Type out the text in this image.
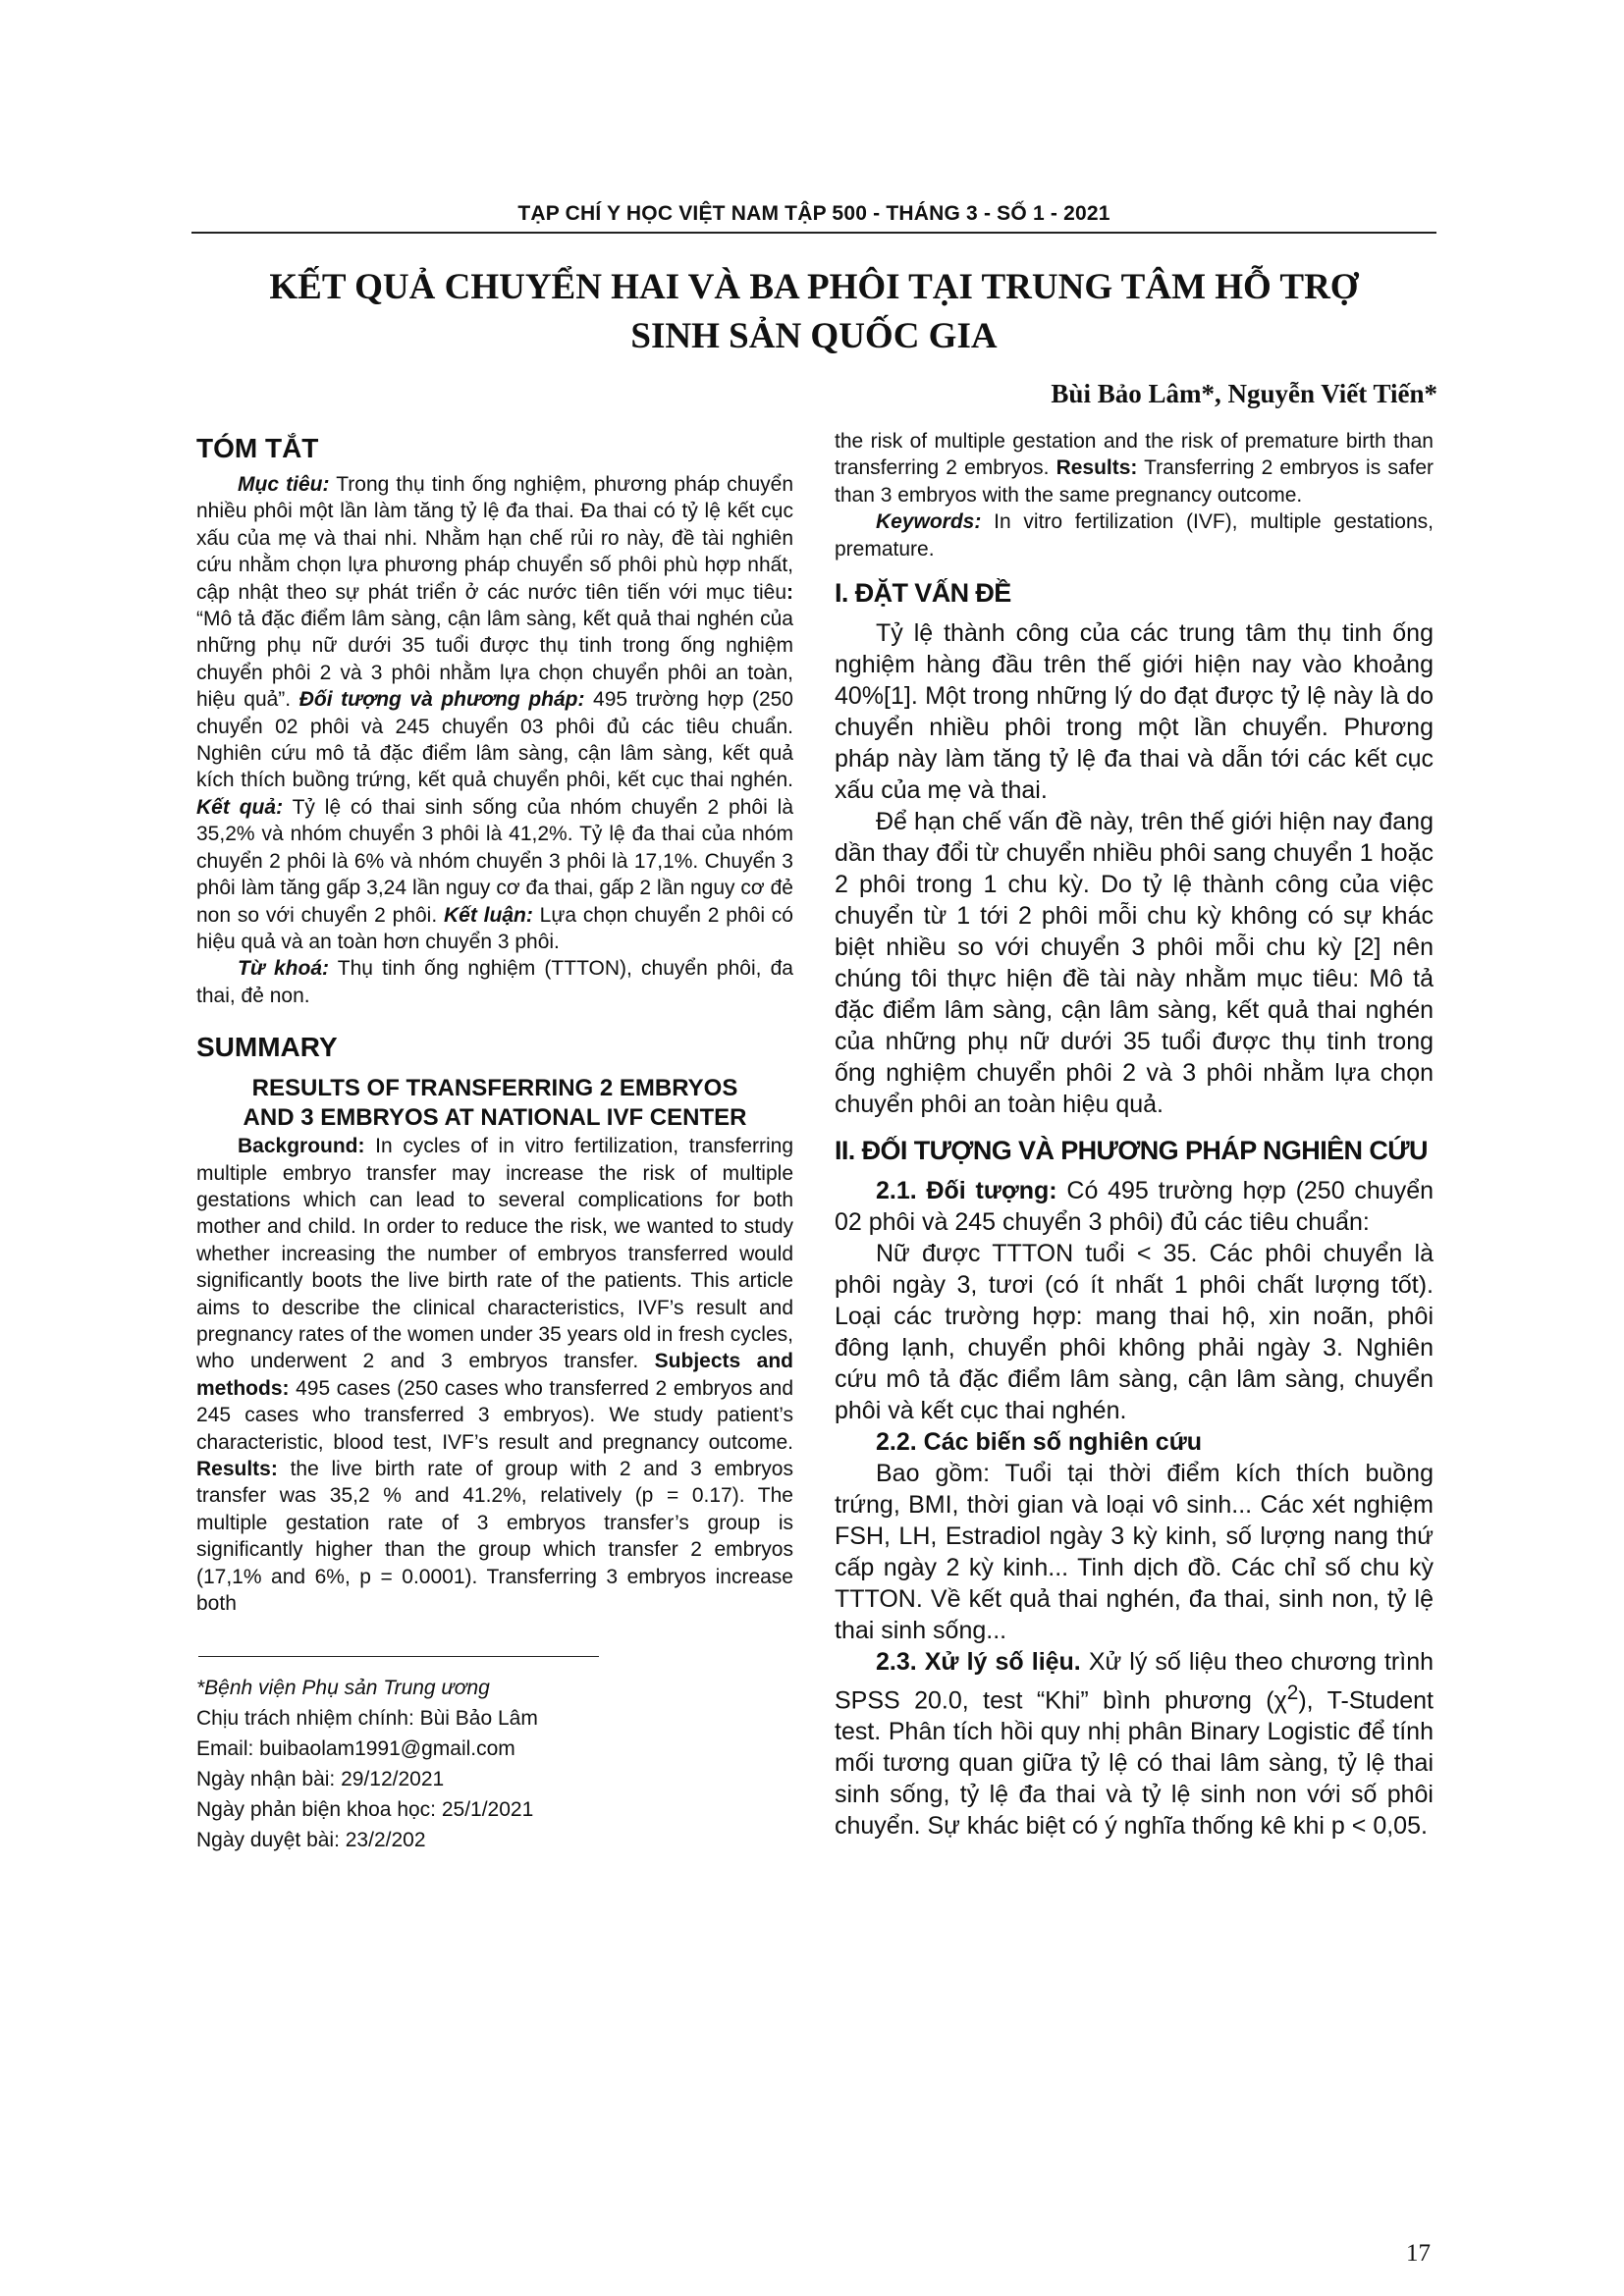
TẠP CHÍ Y HỌC VIỆT NAM TẬP 500 - THÁNG 3 - SỐ 1 - 2021
KẾT QUẢ CHUYỂN HAI VÀ BA PHÔI TẠI TRUNG TÂM HỖ TRỢ
SINH SẢN QUỐC GIA
Bùi Bảo Lâm*, Nguyễn Viết Tiến*
TÓM TẮT

Mục tiêu: Trong thụ tinh ống nghiệm, phương pháp chuyển nhiều phôi một lần làm tăng tỷ lệ đa thai. Đa thai có tỷ lệ kết cục xấu của mẹ và thai nhi. Nhằm hạn chế rủi ro này, đề tài nghiên cứu nhằm chọn lựa phương pháp chuyển số phôi phù hợp nhất, cập nhật theo sự phát triển ở các nước tiên tiến với mục tiêu: “Mô tả đặc điểm lâm sàng, cận lâm sàng, kết quả thai nghén của những phụ nữ dưới 35 tuổi được thụ tinh trong ống nghiệm chuyển phôi 2 và 3 phôi nhằm lựa chọn chuyển phôi an toàn, hiệu quả”. Đối tượng và phương pháp: 495 trường hợp (250 chuyển 02 phôi và 245 chuyển 03 phôi đủ các tiêu chuẩn. Nghiên cứu mô tả đặc điểm lâm sàng, cận lâm sàng, kết quả kích thích buồng trứng, kết quả chuyển phôi, kết cục thai nghén. Kết quả: Tỷ lệ có thai sinh sống của nhóm chuyển 2 phôi là 35,2% và nhóm chuyển 3 phôi là 41,2%. Tỷ lệ đa thai của nhóm chuyển 2 phôi là 6% và nhóm chuyển 3 phôi là 17,1%. Chuyển 3 phôi làm tăng gấp 3,24 lần nguy cơ đa thai, gấp 2 lần nguy cơ đẻ non so với chuyển 2 phôi. Kết luận: Lựa chọn chuyển 2 phôi có hiệu quả và an toàn hơn chuyển 3 phôi.

Từ khoá: Thụ tinh ống nghiệm (TTTON), chuyển phôi, đa thai, đẻ non.

SUMMARY
RESULTS OF TRANSFERRING 2 EMBRYOS
AND 3 EMBRYOS AT NATIONAL IVF CENTER

Background: In cycles of in vitro fertilization, transferring multiple embryo transfer may increase the risk of multiple gestations which can lead to several complications for both mother and child. In order to reduce the risk, we wanted to study whether increasing the number of embryos transferred would significantly boots the live birth rate of the patients. This article aims to describe the clinical characteristics, IVF’s result and pregnancy rates of the women under 35 years old in fresh cycles, who underwent 2 and 3 embryos transfer. Subjects and methods: 495 cases (250 cases who transferred 2 embryos and 245 cases who transferred 3 embryos). We study patient’s characteristic, blood test, IVF’s result and pregnancy outcome. Results: the live birth rate of group with 2 and 3 embryos transfer was 35,2 % and 41.2%, relatively (p = 0.17). The multiple gestation rate of 3 embryos transfer’s group is significantly higher than the group which transfer 2 embryos (17,1% and 6%, p = 0.0001). Transferring 3 embryos increase both

*Bệnh viện Phụ sản Trung ương
Chịu trách nhiệm chính: Bùi Bảo Lâm
Email: buibaolam1991@gmail.com
Ngày nhận bài: 29/12/2021
Ngày phản biện khoa học: 25/1/2021
Ngày duyệt bài: 23/2/202

the risk of multiple gestation and the risk of premature birth than transferring 2 embryos. Results: Transferring 2 embryos is safer than 3 embryos with the same pregnancy outcome.

Keywords: In vitro fertilization (IVF), multiple gestations, premature.

I. ĐẶT VẤN ĐỀ

Tỷ lệ thành công của các trung tâm thụ tinh ống nghiệm hàng đầu trên thế giới hiện nay vào khoảng 40%[1]. Một trong những lý do đạt được tỷ lệ này là do chuyển nhiều phôi trong một lần chuyển. Phương pháp này làm tăng tỷ lệ đa thai và dẫn tới các kết cục xấu của mẹ và thai.

Để hạn chế vấn đề này, trên thế giới hiện nay đang dần thay đổi từ chuyển nhiều phôi sang chuyển 1 hoặc 2 phôi trong 1 chu kỳ. Do tỷ lệ thành công của việc chuyển từ 1 tới 2 phôi mỗi chu kỳ không có sự khác biệt nhiều so với chuyển 3 phôi mỗi chu kỳ [2] nên chúng tôi thực hiện đề tài này nhằm mục tiêu: Mô tả đặc điểm lâm sàng, cận lâm sàng, kết quả thai nghén của những phụ nữ dưới 35 tuổi được thụ tinh trong ống nghiệm chuyển phôi 2 và 3 phôi nhằm lựa chọn chuyển phôi an toàn hiệu quả.

II. ĐỐI TƯỢNG VÀ PHƯƠNG PHÁP NGHIÊN CỨU

2.1. Đối tượng: Có 495 trường hợp (250 chuyển 02 phôi và 245 chuyển 3 phôi) đủ các tiêu chuẩn:

Nữ được TTTON tuổi < 35. Các phôi chuyển là phôi ngày 3, tươi (có ít nhất 1 phôi chất lượng tốt). Loại các trường hợp: mang thai hộ, xin noãn, phôi đông lạnh, chuyển phôi không phải ngày 3. Nghiên cứu mô tả đặc điểm lâm sàng, cận lâm sàng, chuyển phôi và kết cục thai nghén.

2.2. Các biến số nghiên cứu

Bao gồm: Tuổi tại thời điểm kích thích buồng trứng, BMI, thời gian và loại vô sinh... Các xét nghiệm FSH, LH, Estradiol ngày 3 kỳ kinh, số lượng nang thứ cấp ngày 2 kỳ kinh... Tinh dịch đồ. Các chỉ số chu kỳ TTTON. Về kết quả thai nghén, đa thai, sinh non, tỷ lệ thai sinh sống...

2.3. Xử lý số liệu. Xử lý số liệu theo chương trình SPSS 20.0, test “Khi” bình phương $(\chi^2)$, T-Student test. Phân tích hồi quy nhị phân Binary Logistic để tính mối tương quan giữa tỷ lệ có thai lâm sàng, tỷ lệ thai sinh sống, tỷ lệ đa thai và tỷ lệ sinh non với số phôi chuyển. Sự khác biệt có ý nghĩa thống kê khi p < 0,05.

17
